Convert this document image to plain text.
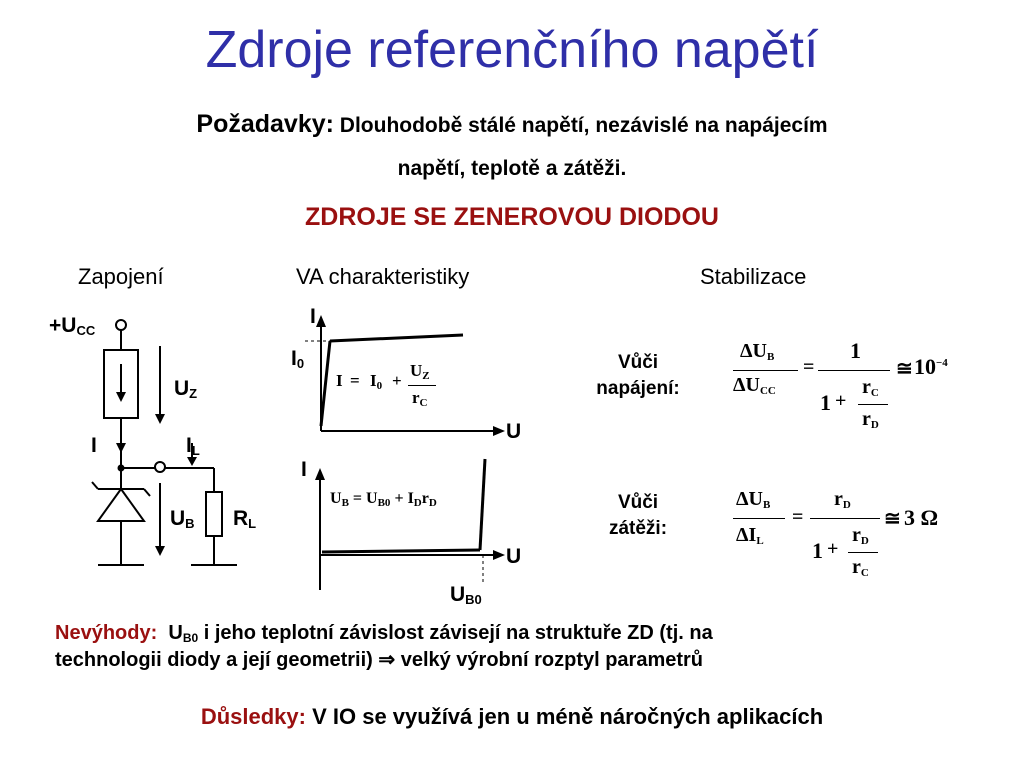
Zdroje referenčního napětí
Požadavky: Dlouhodobě stálé napětí, nezávislé na napájecím
napětí, teplotě a zátěži.
ZDROJE SE ZENEROVOU DIODOU
Zapojení	VA charakteristiky	Stabilizace
$+U_{CC}$
$U_Z$
I	$I_L$
$U_B$ $R_L$
I
U
$I_0$
$I = I_0$ +
$U_Z$
$r_C$
I
U
$U_{B0}$
$U_B = U_{B0} + I_Dr_D$
Vůči
napájení:
$\Delta U_B$
$\Delta U_{CC}$
=
1
1 +
$r_C$
$r_D$
≅ $10^{-4}$
Vůči
zátěži:
$\Delta U_B$
$\Delta I_L$
=
$r_D$
1 +
$r_D$
$r_C$
≅ 3 Ω
Nevýhody: $U_{B0}$ i jeho teplotní závislost závisejí na struktuře ZD (tj. na
technologii diody a její geometrii) ⇒ velký výrobní rozptyl parametrů
Důsledky: V IO se využívá jen u méně náročných aplikacích
